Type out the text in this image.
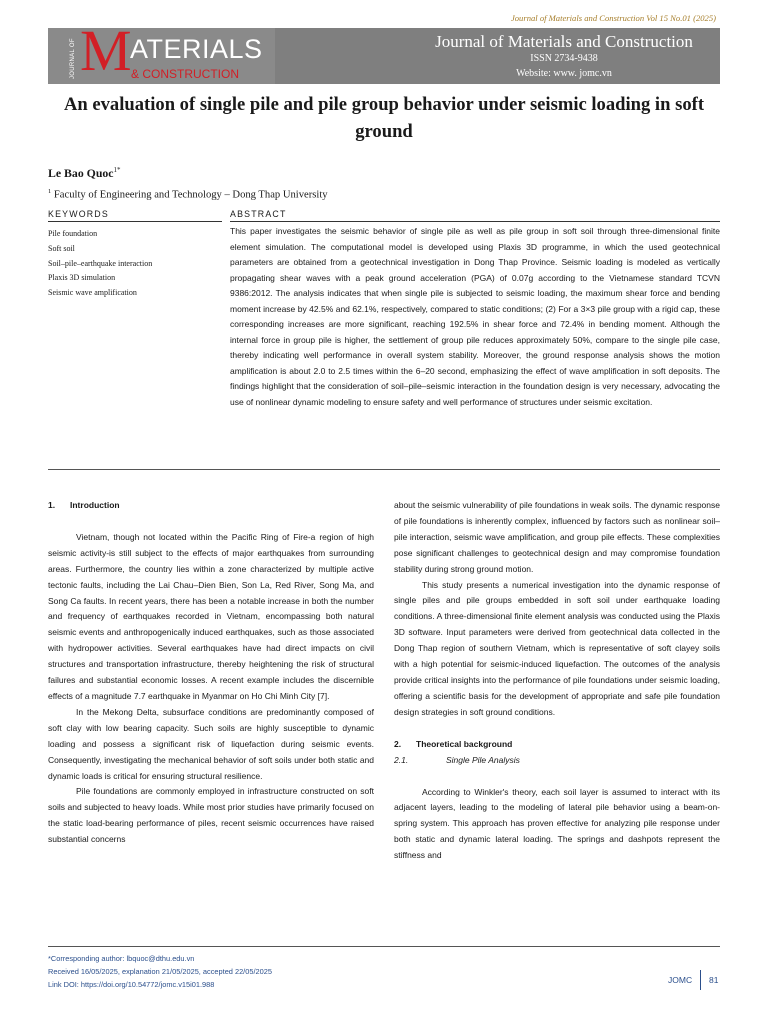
Journal of Materials and Construction Vol 15 No.01 (2025)
JOURNAL OF M
ATERIALS
& CONSTRUCTION
Journal of Materials and Construction
ISSN 2734-9438
Website: www. jomc.vn
An evaluation of single pile and pile group behavior under seismic loading in soft ground
Le Bao Quoc$^{1*}$
$^1$ Faculty of Engineering and Technology – Dong Thap University
KEYWORDS	ABSTRACT
Pile foundation
Soft soil
Soil–pile–earthquake interaction
Plaxis 3D simulation
Seismic wave amplification

This paper investigates the seismic behavior of single pile as well as pile group in soft soil through three-dimensional finite element simulation. The computational model is developed using Plaxis 3D programme, in which the used geotechnical parameters are obtained from a geotechnical investigation in Dong Thap Province. Seismic loading is modeled as vertically propagating shear waves with a peak ground acceleration (PGA) of 0.07g according to the Vietnamese standard TCVN 9386:2012. The analysis indicates that when single pile is subjected to seismic loading, the maximum shear force and bending moment increase by 42.5% and 62.1%, respectively, compared to static conditions; (2) For a 3×3 pile group with a rigid cap, these corresponding increases are more significant, reaching 192.5% in shear force and 72.4% in bending moment. Although the internal force in group pile is higher, the settlement of group pile reduces approximately 50%, compare to the single pile case, thereby indicating well performance in overall system stability. Moreover, the ground response analysis shows the motion amplification is about 2.0 to 2.5 times within the 6–20 second, emphasizing the effect of wave amplification in soft deposits. The findings highlight that the consideration of soil–pile–seismic interaction in the foundation design is very necessary, advocating the use of nonlinear dynamic modeling to ensure safety and well performance of structures under seismic excitation.

1. Introduction

Vietnam, though not located within the Pacific Ring of Fire-a region of high seismic activity-is still subject to the effects of major earthquakes from surrounding areas. Furthermore, the country lies within a zone characterized by multiple active tectonic faults, including the Lai Chau–Dien Bien, Son La, Red River, Song Ma, and Song Ca faults. In recent years, there has been a notable increase in both the number and frequency of earthquakes recorded in Vietnam, encompassing both natural seismic events and anthropogenically induced earthquakes, such as those associated with hydropower activities. Several earthquakes have had direct impacts on civil structures and transportation infrastructure, thereby heightening the risk of structural failures and substantial economic losses. A recent example includes the discernible effects of a magnitude 7.7 earthquake in Myanmar on Ho Chi Minh City [7].

In the Mekong Delta, subsurface conditions are predominantly composed of soft clay with low bearing capacity. Such soils are highly susceptible to dynamic loading and possess a significant risk of liquefaction during seismic events. Consequently, investigating the mechanical behavior of soft soils under both static and dynamic loads is critical for ensuring structural resilience.

Pile foundations are commonly employed in infrastructure constructed on soft soils and subjected to heavy loads. While most prior studies have primarily focused on the static load-bearing performance of piles, recent seismic occurrences have raised substantial concerns

about the seismic vulnerability of pile foundations in weak soils. The dynamic response of pile foundations is inherently complex, influenced by factors such as nonlinear soil–pile interaction, seismic wave amplification, and group pile effects. These complexities pose significant challenges to geotechnical design and may compromise foundation stability during strong ground motion.

This study presents a numerical investigation into the dynamic response of single piles and pile groups embedded in soft soil under earthquake loading conditions. A three-dimensional finite element analysis was conducted using the Plaxis 3D software. Input parameters were derived from geotechnical data collected in the Dong Thap region of southern Vietnam, which is representative of soft clayey soils with a high potential for seismic-induced liquefaction. The outcomes of the analysis provide critical insights into the performance of pile foundations under seismic loading, offering a scientific basis for the development of appropriate and safe pile foundation design strategies in soft ground conditions.

2. Theoretical background

2.1.	Single Pile Analysis

According to Winkler's theory, each soil layer is assumed to interact with its adjacent layers, leading to the modeling of lateral pile behavior using a beam-on-spring system. This approach has proven effective for analyzing pile response under both static and dynamic lateral loading. The springs and dashpots represent the stiffness and

*Corresponding author: lbquoc@dthu.edu.vn
Received 16/05/2025, explanation 21/05/2025, accepted 22/05/2025
Link DOI: https://doi.org/10.54772/jomc.v15i01.988	JOMC 81
